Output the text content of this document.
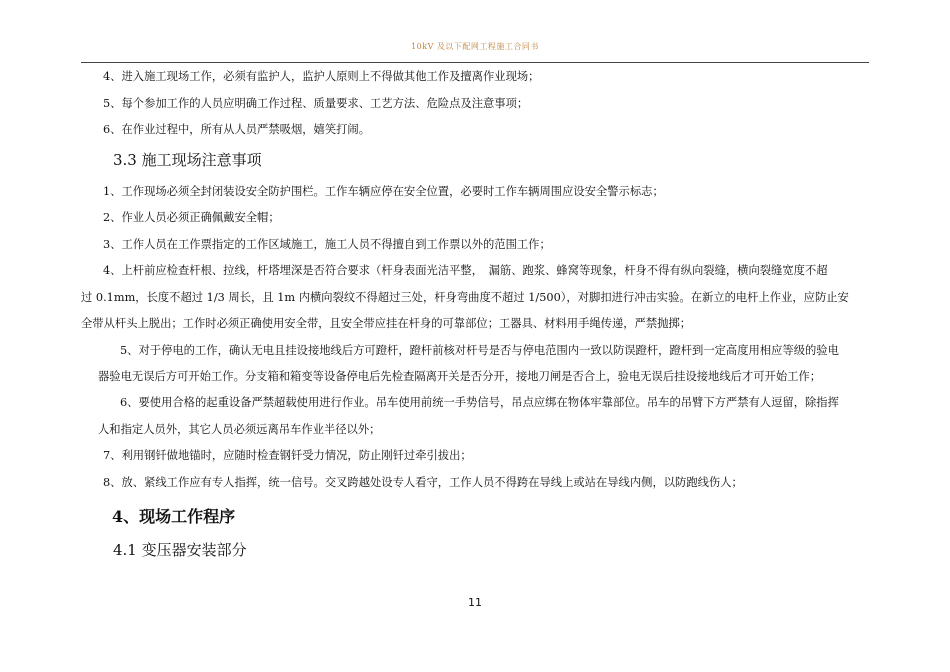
10kV 及以下配网工程施工合同书
4、进入施工现场工作，必须有监护人，监护人原则上不得做其他工作及擅离作业现场；
5、每个参加工作的人员应明确工作过程、质量要求、工艺方法、危险点及注意事项；
6、在作业过程中，所有从人员严禁吸烟，嬉笑打闹。
3.3 施工现场注意事项
1、工作现场必须全封闭装设安全防护围栏。工作车辆应停在安全位置，必要时工作车辆周围应设安全警示标志；
2、作业人员必须正确佩戴安全帽；
3、工作人员在工作票指定的工作区域施工，施工人员不得擅自到工作票以外的范围工作；
4、上杆前应检查杆根、拉线，杆塔埋深是否符合要求（杆身表面光洁平整，　漏筋、跑浆、蜂窝等现象，杆身不得有纵向裂缝，横向裂缝宽度不超
过 0.1mm，长度不超过 1/3 周长，且 1m 内横向裂纹不得超过三处，杆身弯曲度不超过 1/500），对脚扣进行冲击实验。在新立的电杆上作业，应防止安
全带从杆头上脱出；工作时必须正确使用安全带，且安全带应挂在杆身的可靠部位；工器具、材料用手绳传递，严禁抛掷；
5、对于停电的工作，确认无电且挂设接地线后方可蹬杆，蹬杆前核对杆号是否与停电范围内一致以防误蹬杆，蹬杆到一定高度用相应等级的验电
器验电无误后方可开始工作。分支箱和箱变等设备停电后先检查隔离开关是否分开，接地刀闸是否合上，验电无误后挂设接地线后才可开始工作；
6、要使用合格的起重设备严禁超载使用进行作业。吊车使用前统一手势信号，吊点应绑在物体牢靠部位。吊车的吊臂下方严禁有人逗留，除指挥
人和指定人员外，其它人员必须远离吊车作业半径以外；
7、利用钢钎做地锚时，应随时检查钢钎受力情况，防止刚钎过牵引拔出；
8、放、紧线工作应有专人指挥，统一信号。交叉跨越处设专人看守，工作人员不得跨在导线上或站在导线内侧，以防跑线伤人；
4、现场工作程序
4.1 变压器安装部分
11
